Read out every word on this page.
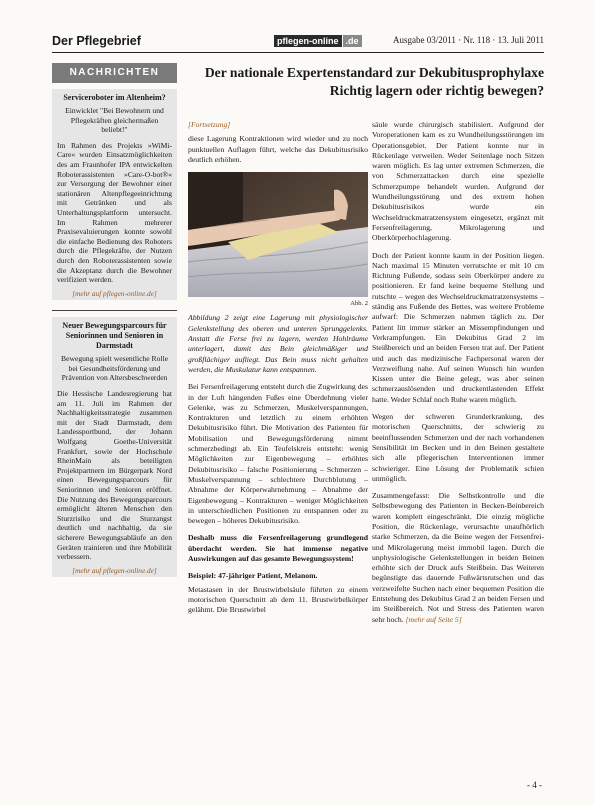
Der Pflegebrief	pflegen-online .de	Ausgabe 03/2011 · Nr. 118 · 13. Juli 2011
NACHRICHTEN
Serviceroboter im Altenheim?

Einwicklet "Bei Bewohnern und Pflegekräften gleichermaßen beliebt!"

Im Rahmen des Projekts »WiMi-Care« wurden Einsatzmöglichkeiten des am Fraunhofer IPA entwickelten Roboterassistenten »Care-O-bot®« zur Versorgung der Bewohner einer stationären Altenpflegeeinrichtung mit Getränken und als Unterhaltungsplattform untersucht. Im Rahmen mehrerer Praxisevaluierungen konnte sowohl die einfache Bedienung des Roboters durch die Pflegekräfte, der Nutzen durch den Roboterassistenten sowie die Akzeptanz durch die Bewohner verifiziert werden.

[mehr auf pflegen-online.de]

Neuer Bewegungsparcours für Seniorinnen und Senioren in Darmstadt

Bewegung spielt wesentliche Rolle bei Gesundheitsförderung und Prävention von Altersbeschwerden

Die Hessische Landesregierung hat am 11. Juli im Rahmen der Nachhaltigkeitsstrategie zusammen mit der Stadt Darmstadt, dem Landessportbund, der Johann Wolfgang Goethe-Universität Frankfurt, sowie der Hochschule RheinMain als beteiligten Projektpartnern im Bürgerpark Nord einen Bewegungsparcours für Seniorinnen und Senioren eröffnet. Die Nutzung des Bewegungsparcours ermöglicht älteren Menschen den Sturzrisiko und die Sturzangst deutlich und nachhaltig, da sie sicherere Bewegungsabläufe an den Geräten trainieren und ihre Mobilität verbessern.

[mehr auf pflegen-online.de]

Der nationale Expertenstandard zur Dekubitusprophylaxe
Richtig lagern oder richtig bewegen?

[Fortsetzung]

diese Lagerung Kontraktionen wird wieder und zu noch punktuellen Auflagen führt, welche das Dekubitusrisiko deutlich erhöhen.

Abb. 2

Abbildung 2 zeigt eine Lagerung mit physiologischer Gelenkstellung des oberen und unteren Sprunggelenks. Anstatt die Ferse frei zu lagern, werden Hohlräume unterlagert, damit das Bein gleichmäßiger und großflächiger aufliegt. Das Bein muss nicht gehalten werden, die Muskulatur kann entspannen.

Bei Fersenfreilagerung entsteht durch die Zugwirkung des in der Luft hängenden Fußes eine Überdehnung vieler Gelenke, was zu Schmerzen, Muskelverspannungen, Kontrakturen und letztlich zu einem erhöhten Dekubitusrisiko führt. Die Motivation des Patienten für Mobilisation und Bewegungsförderung nimmt schmerzbedingt ab. Ein Teufelskreis entsteht: wenig Möglichkeiten zur Eigenbewegung – erhöhtes Dekubitusrisiko – falsche Positionierung – Schmerzen – Muskelverspannung – schlechtere Durchblutung – Abnahme der Körperwahrnehmung – Abnahme der Eigenbewegung – Kontrakturen – weniger Möglichkeiten in unterschiedlichen Positionen zu entspannen oder zu bewegen – höheres Dekubitusrisiko.

Deshalb muss die Fersenfreilagerung grundlegend überdacht werden. Sie hat immense negative Auswirkungen auf das gesamte Bewegungssystem!

Beispiel: 47-jähriger Patient, Melanom.

Metastasen in der Brustwirbelsäule führten zu einem motorischen Querschnitt ab dem 11. Brustwirbelkörper gelähmt. Die Brustwirbel

säule wurde chirurgisch stabilisiert. Aufgrund der Voroperationen kam es zu Wundheilungsstörungen im Operationsgebiet. Der Patient konnte nur in Rückenlage verweilen. Weder Seitenlage noch Sitzen waren möglich. Es lag unter extremen Schmerzen, die von Schmerzattacken durch eine spezielle Schmerzpumpe behandelt wurden. Aufgrund der Wundheilungsstörung und des extrem hohen Dekubitusrisikos wurde ein Wechseldruckmatratzensystem eingesetzt, ergänzt mit Fersenfreilagerung, Mikrolagerung und Oberkörperhochlagerung.

Doch der Patient konnte kaum in der Position liegen. Nach maximal 15 Minuten verrutschte er mit 10 cm Richtung Fußende, sodass sein Oberkörper andere zu positionieren. Er fand keine bequeme Stellung und rutschte – wegen des Wechseldruckmatratzensystems – ständig ans Fußende des Bettes, was weitere Probleme aufwarf: Die Schmerzen nahmen täglich zu. Der Patient litt immer stärker an Missempfindungen und Verkrampfungen. Ein Dekubitus Grad 2 im Steißbereich und an beiden Fersen trat auf. Der Patient und auch das medizinische Fachpersonal waren der Verzweiflung nahe. Auf seinen Wunsch hin wurden Kissen unter die Beine gelegt, was aber seinen schmerzauslösenden und druckentlastenden Effekt hatte. Weder Schlaf noch Ruhe waren möglich.

Wegen der schweren Grunderkrankung, des motorischen Querschnitts, der schwierig zu beeinflussenden Schmerzen und der nach vorhandenen Sensibilität im Becken und in den Beinen gestaltete sich alle pflegerischen Interventionen immer schwieriger. Eine Lösung der Problematik schien unmöglich.

Zusammengefasst: Die Selbstkontrolle und die Selbstbewegung des Patienten in Becken-Beinbereich waren komplett eingeschränkt. Die einzig mögliche Position, die Rückenlage, verursachte unaufhörlich starke Schmerzen, da die Beine wegen der Fersenfrei- und Mikrolagerung meist immobil lagen. Durch die unphysiologische Gelenkstellungen in beiden Beinen erhöhte sich der Druck aufs Steißbein. Das Weiteren begünstigte das dauernde Fußwärtsrutschen und das verzweifelte Suchen nach einer bequemen Position die Entstehung des Dekubitus Grad 2 an beiden Fersen und im Steißbereich. Not und Stress des Patienten waren sehr hoch. [mehr auf Seite 5]

- 4 -
